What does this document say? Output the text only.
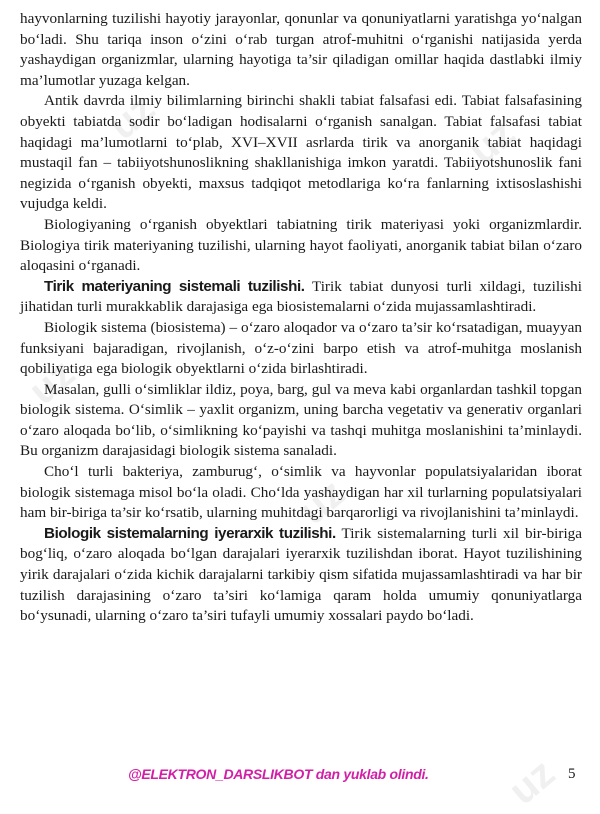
uz	uz
uz
uz
uz

hayvonlarning tuzilishi hayotiy jarayonlar, qonunlar va qonuniyatlarni yaratishga yo‘nalgan bo‘ladi. Shu tariqa inson o‘zini o‘rab turgan atrof-muhitni o‘rganishi natijasida yerda yashaydigan organizmlar, ularning hayotiga ta’sir qiladigan omillar haqida dastlabki ilmiy ma’lumotlar yuzaga kelgan.

Antik davrda ilmiy bilimlarning birinchi shakli tabiat falsafasi edi. Tabiat falsafasining obyekti tabiatda sodir bo‘ladigan hodisalarni o‘rganish sanalgan. Tabiat falsafasi tabiat haqidagi ma’lumotlarni to‘plab, XVI–XVII asrlarda tirik va anorganik tabiat haqidagi mustaqil fan – tabiiyotshunoslikning shakllanishiga imkon yaratdi. Tabiiyotshunoslik fani negizida o‘rganish obyekti, maxsus tadqiqot metodlariga ko‘ra fanlarning ixtisoslashishi vujudga keldi.

Biologiyaning o‘rganish obyektlari tabiatning tirik materiyasi yoki organizmlardir. Biologiya tirik materiyaning tuzilishi, ularning hayot faoliyati, anorganik tabiat bilan o‘zaro aloqasini o‘rganadi.

Tirik materiyaning sistemali tuzilishi. Tirik tabiat dunyosi turli xildagi, tuzilishi jihatidan turli murakkablik darajasiga ega biosistemalarni o‘zida mujassamlashtiradi.

Biologik sistema (biosistema) – o‘zaro aloqador va o‘zaro ta’sir ko‘rsatadigan, muayyan funksiyani bajaradigan, rivojlanish, o‘z-o‘zini barpo etish va atrof-muhitga moslanish qobiliyatiga ega biologik obyektlarni o‘zida birlashtiradi.

Masalan, gulli o‘simliklar ildiz, poya, barg, gul va meva kabi organlardan tashkil topgan biologik sistema. O‘simlik – yaxlit organizm, uning barcha vegetativ va generativ organlari o‘zaro aloqada bo‘lib, o‘simlikning ko‘payishi va tashqi muhitga moslanishini ta’minlaydi. Bu organizm darajasidagi biologik sistema sanaladi.

Cho‘l turli bakteriya, zamburug‘, o‘simlik va hayvonlar populatsiyalaridan iborat biologik sistemaga misol bo‘la oladi. Cho‘lda yashaydigan har xil turlarning populatsiyalari ham bir-biriga ta’sir ko‘rsatib, ularning muhitdagi barqarorligi va rivojlanishini ta’minlaydi.

Biologik sistemalarning iyerarxik tuzilishi. Tirik sistemalarning turli xil bir-biriga bog‘liq, o‘zaro aloqada bo‘lgan darajalari iyerarxik tuzilishdan iborat. Hayot tuzilishining yirik darajalari o‘zida kichik darajalarni tarkibiy qism sifatida mujassamlashtiradi va har bir tuzilish darajasining o‘zaro ta’siri ko‘lamiga qaram holda umumiy qonuniyatlarga bo‘ysunadi, ularning o‘zaro ta’siri tufayli umumiy xossalari paydo bo‘ladi.

@ELEKTRON_DARSLIKBOT dan yuklab olindi.	5
